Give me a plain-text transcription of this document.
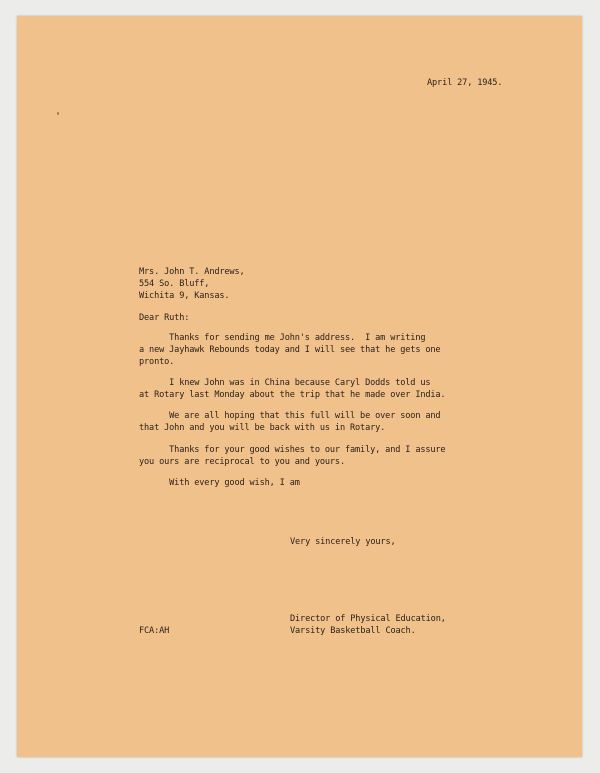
April 27, 1945.

Mrs. John T. Andrews,

554 So. Bluff,

Wichita 9, Kansas.

Dear Ruth:

Thanks for sending me John's address.  I am writing

a new Jayhawk Rebounds today and I will see that he gets one

pronto.

I knew John was in China because Caryl Dodds told us

at Rotary last Monday about the trip that he made over India.

We are all hoping that this full will be over soon and

that John and you will be back with us in Rotary.

Thanks for your good wishes to our family, and I assure

you ours are reciprocal to you and yours.

With every good wish, I am

Very sincerely yours,

Director of Physical Education,

Varsity Basketball Coach.

FCA:AH
